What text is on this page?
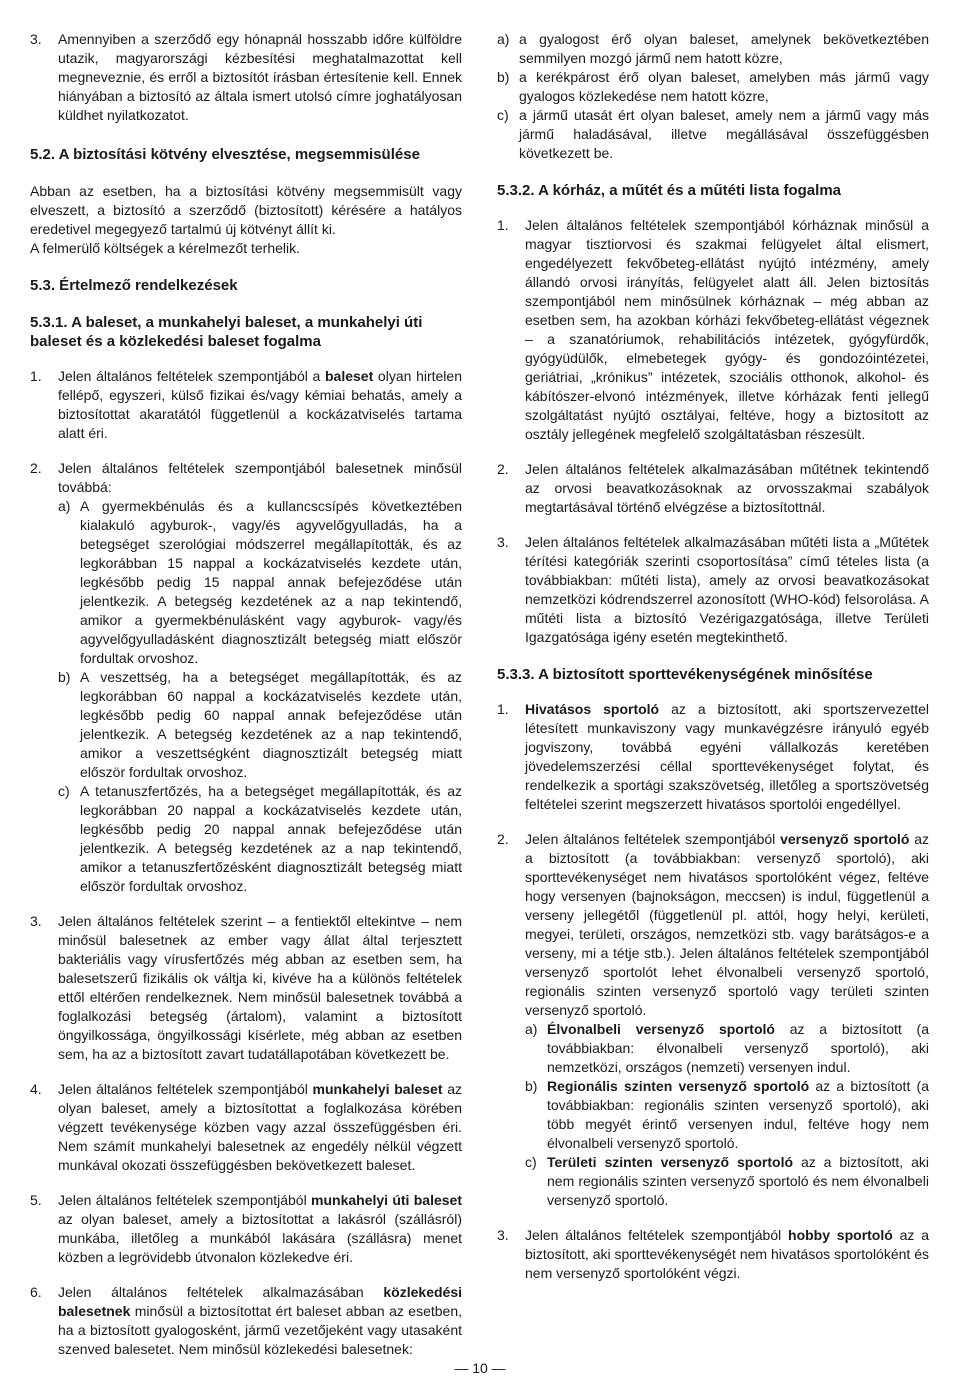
3. Amennyiben a szerződő egy hónapnál hosszabb időre külföldre utazik, magyarországi kézbesítési meghatalmazottat kell megneveznie, és erről a biztosítót írásban értesítenie kell. Ennek hiányában a biztosító az általa ismert utolsó címre joghatályosan küldhet nyilatkozatot.

5.2. A biztosítási kötvény elvesztése, megsemmisülése

Abban az esetben, ha a biztosítási kötvény megsemmisült vagy elveszett, a biztosító a szerződő (biztosított) kérésére a hatályos eredetivel megegyező tartalmú új kötvényt állít ki.

A felmerülő költségek a kérelmezőt terhelik.

5.3. Értelmező rendelkezések

5.3.1. A baleset, a munkahelyi baleset, a munkahelyi úti baleset és a közlekedési baleset fogalma

1. Jelen általános feltételek szempontjából a baleset olyan hirtelen fellépő, egyszeri, külső fizikai és/vagy kémiai behatás, amely a biztosítottat akaratától függetlenül a kockázatviselés tartama alatt éri.
2. Jelen általános feltételek szempontjából balesetnek minősül továbbá:
a) A gyermekbénulás és a kullancscsípés következtében kialakuló agyburok-, vagy/és agyvelőgyulladás, ha a betegséget szerológiai módszerrel megállapították, és az legkorábban 15 nappal a kockázatviselés kezdete után, legkésőbb pedig 15 nappal annak befejeződése után jelentkezik. A betegség kezdetének az a nap tekintendő, amikor a gyermekbénulásként vagy agyburok- vagy/és agyvelőgyulladásként diagnosztizált betegség miatt először fordultak orvoshoz.
b) A veszettség, ha a betegséget megállapították, és az legkorábban 60 nappal a kockázatviselés kezdete után, legkésőbb pedig 60 nappal annak befejeződése után jelentkezik. A betegség kezdetének az a nap tekintendő, amikor a veszettségként diagnosztizált betegség miatt először fordultak orvoshoz.
c) A tetanuszfertőzés, ha a betegséget megállapították, és az legkorábban 20 nappal a kockázatviselés kezdete után, legkésőbb pedig 20 nappal annak befejeződése után jelentkezik. A betegség kezdetének az a nap tekintendő, amikor a tetanuszfertőzésként diagnosztizált betegség miatt először fordultak orvoshoz.
3. Jelen általános feltételek szerint – a fentiektől eltekintve – nem minősül balesetnek az ember vagy állat által terjesztett bakteriális vagy vírusfertőzés még abban az esetben sem, ha balesetszerű fizikális ok váltja ki, kivéve ha a különös feltételek ettől eltérően rendelkeznek. Nem minősül balesetnek továbbá a foglalkozási betegség (ártalom), valamint a biztosított öngyilkossága, öngyilkossági kísérlete, még abban az esetben sem, ha az a biztosított zavart tudatállapotában következett be.
4. Jelen általános feltételek szempontjából munkahelyi baleset az olyan baleset, amely a biztosítottat a foglalkozása körében végzett tevékenysége közben vagy azzal összefüggésben éri. Nem számít munkahelyi balesetnek az engedély nélkül végzett munkával okozati összefüggésben bekövetkezett baleset.
5. Jelen általános feltételek szempontjából munkahelyi úti baleset az olyan baleset, amely a biztosítottat a lakásról (szállásról) munkába, illetőleg a munkából lakására (szállásra) menet közben a legrövidebb útvonalon közlekedve éri.
6. Jelen általános feltételek alkalmazásában közlekedési balesetnek minősül a biztosítottat ért baleset abban az esetben, ha a biztosított gyalogosként, jármű vezetőjeként vagy utasaként szenved balesetet. Nem minősül közlekedési balesetnek:
a) a gyalogost érő olyan baleset, amelynek bekövetkeztében semmilyen mozgó jármű nem hatott közre,
b) a kerékpárost érő olyan baleset, amelyben más jármű vagy gyalogos közlekedése nem hatott közre,
c) a jármű utasát ért olyan baleset, amely nem a jármű vagy más jármű haladásával, illetve megállásával összefüggésben következett be.

5.3.2. A kórház, a műtét és a műtéti lista fogalma

1. Jelen általános feltételek szempontjából kórháznak minősül a magyar tisztiorvosi és szakmai felügyelet által elismert, engedélyezett fekvőbeteg-ellátást nyújtó intézmény, amely állandó orvosi irányítás, felügyelet alatt áll. Jelen biztosítás szempontjából nem minősülnek kórháznak – még abban az esetben sem, ha azokban kórházi fekvőbeteg-ellátást végeznek – a szanatóriumok, rehabilitációs intézetek, gyógyfürdők, gyógyüdülők, elmebetegek gyógy- és gondozóintézetei, geriátriai, „krónikus” intézetek, szociális otthonok, alkohol- és kábítószer-elvonó intézmények, illetve kórházak fenti jellegű szolgáltatást nyújtó osztályai, feltéve, hogy a biztosított az osztály jellegének megfelelő szolgáltatásban részesült.
2. Jelen általános feltételek alkalmazásában műtétnek tekintendő az orvosi beavatkozásoknak az orvosszakmai szabályok megtartásával történő elvégzése a biztosítottnál.
3. Jelen általános feltételek alkalmazásában műtéti lista a „Műtétek térítési kategóriák szerinti csoportosítása” című tételes lista (a továbbiakban: műtéti lista), amely az orvosi beavatkozásokat nemzetközi kódrendszerrel azonosított (WHO-kód) felsorolása. A műtéti lista a biztosító Vezérigazgatósága, illetve Területi Igazgatósága igény esetén megtekinthető.

5.3.3. A biztosított sporttevékenységének minősítése

1. Hivatásos sportoló az a biztosított, aki sportszervezettel létesített munkaviszony vagy munkavégzésre irányuló egyéb jogviszony, továbbá egyéni vállalkozás keretében jövedelemszerzési céllal sporttevékenységet folytat, és rendelkezik a sportági szakszövetség, illetőleg a sportszövetség feltételei szerint megszerzett hivatásos sportolói engedéllyel.
2. Jelen általános feltételek szempontjából versenyző sportoló az a biztosított (a továbbiakban: versenyző sportoló), aki sporttevékenységet nem hivatásos sportolóként végez, feltéve hogy versenyen (bajnokságon, meccsen) is indul, függetlenül a verseny jellegétől (függetlenül pl. attól, hogy helyi, kerületi, megyei, területi, országos, nemzetközi stb. vagy barátságos-e a verseny, mi a tétje stb.). Jelen általános feltételek szempontjából versenyző sportolót lehet élvonalbeli versenyző sportoló, regionális szinten versenyző sportoló vagy területi szinten versenyző sportoló.
a) Élvonalbeli versenyző sportoló az a biztosított (a továbbiakban: élvonalbeli versenyző sportoló), aki nemzetközi, országos (nemzeti) versenyen indul.
b) Regionális szinten versenyző sportoló az a biztosított (a továbbiakban: regionális szinten versenyző sportoló), aki több megyét érintő versenyen indul, feltéve hogy nem élvonalbeli versenyző sportoló.
c) Területi szinten versenyző sportoló az a biztosított, aki nem regionális szinten versenyző sportoló és nem élvonalbeli versenyző sportoló.
3. Jelen általános feltételek szempontjából hobby sportoló az a biztosított, aki sporttevékenységét nem hivatásos sportolóként és nem versenyző sportolóként végzi.
— 10 —
